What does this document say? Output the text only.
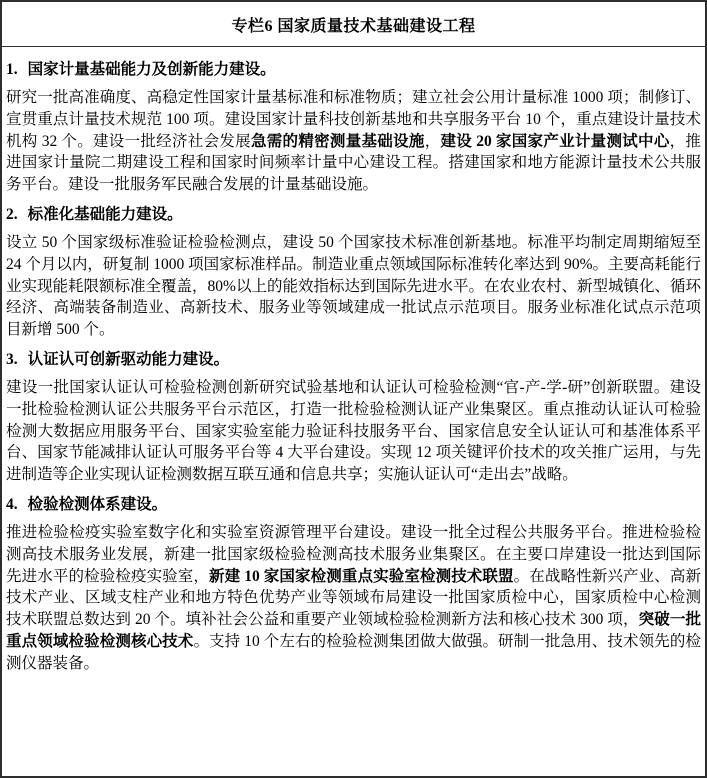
专栏6 国家质量技术基础建设工程
1. 国家计量基础能力及创新能力建设。

研究一批高准确度、高稳定性国家计量基标准和标准物质；建立社会公用计量标准 1000 项；制修订、宣贯重点计量技术规范 100 项。建设国家计量科技创新基地和共享服务平台 10 个，重点建设计量技术机构 32 个。建设一批经济社会发展急需的精密测量基础设施，建设 20 家国家产业计量测试中心，推进国家计量院二期建设工程和国家时间频率计量中心建设工程。搭建国家和地方能源计量技术公共服务平台。建设一批服务军民融合发展的计量基础设施。

2. 标准化基础能力建设。

设立 50 个国家级标准验证检验检测点，建设 50 个国家技术标准创新基地。标准平均制定周期缩短至 24 个月以内，研复制 1000 项国家标准样品。制造业重点领域国际标准转化率达到 90%。主要高耗能行业实现能耗限额标准全覆盖，80%以上的能效指标达到国际先进水平。在农业农村、新型城镇化、循环经济、高端装备制造业、高新技术、服务业等领域建成一批试点示范项目。服务业标准化试点示范项目新增 500 个。

3. 认证认可创新驱动能力建设。

建设一批国家认证认可检验检测创新研究试验基地和认证认可检验检测“官-产-学-研”创新联盟。建设一批检验检测认证公共服务平台示范区，打造一批检验检测认证产业集聚区。重点推动认证认可检验检测大数据应用服务平台、国家实验室能力验证科技服务平台、国家信息安全认证认可和基准体系平台、国家节能减排认证认可服务平台等 4 大平台建设。实现 12 项关键评价技术的攻关推广运用，与先进制造等企业实现认证检测数据互联互通和信息共享；实施认证认可“走出去”战略。

4. 检验检测体系建设。

推进检验检疫实验室数字化和实验室资源管理平台建设。建设一批全过程公共服务平台。推进检验检测高技术服务业发展，新建一批国家级检验检测高技术服务业集聚区。在主要口岸建设一批达到国际先进水平的检验检疫实验室，新建 10 家国家检测重点实验室检测技术联盟。在战略性新兴产业、高新技术产业、区域支柱产业和地方特色优势产业等领域布局建设一批国家质检中心，国家质检中心检测技术联盟总数达到 20 个。填补社会公益和重要产业领域检验检测新方法和核心技术 300 项，突破一批重点领域检验检测核心技术。支持 10 个左右的检验检测集团做大做强。研制一批急用、技术领先的检测仪器装备。
